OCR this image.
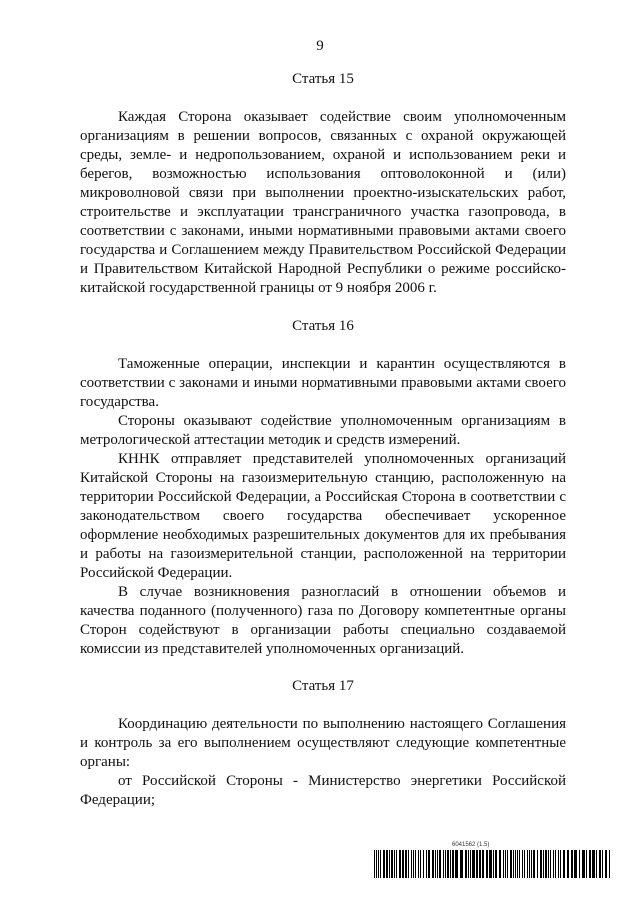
9

Статья 15

Каждая Сторона оказывает содействие своим уполномоченным организациям в решении вопросов, связанных с охраной окружающей среды, земле- и недропользованием, охраной и использованием реки и берегов, возможностью использования оптоволоконной и (или) микроволновой связи при выполнении проектно-изыскательских работ, строительстве и эксплуатации трансграничного участка газопровода, в соответствии с законами, иными нормативными правовыми актами своего государства и Соглашением между Правительством Российской Федерации и Правительством Китайской Народной Республики о режиме российско-китайской государственной границы от 9 ноября 2006 г.

Статья 16

Таможенные операции, инспекции и карантин осуществляются в соответствии с законами и иными нормативными правовыми актами своего государства.

Стороны оказывают содействие уполномоченным организациям в метрологической аттестации методик и средств измерений.

КННК отправляет представителей уполномоченных организаций Китайской Стороны на газоизмерительную станцию, расположенную на территории Российской Федерации, а Российская Сторона в соответствии с законодательством своего государства обеспечивает ускоренное оформление необходимых разрешительных документов для их пребывания и работы на газоизмерительной станции, расположенной на территории Российской Федерации.

В случае возникновения разногласий в отношении объемов и качества поданного (полученного) газа по Договору компетентные органы Сторон содействуют в организации работы специально создаваемой комиссии из представителей уполномоченных организаций.

Статья 17

Координацию деятельности по выполнению настоящего Соглашения и контроль за его выполнением осуществляют следующие компетентные органы:

от Российской Стороны - Министерство энергетики Российской Федерации;

6041562 (1.5)
